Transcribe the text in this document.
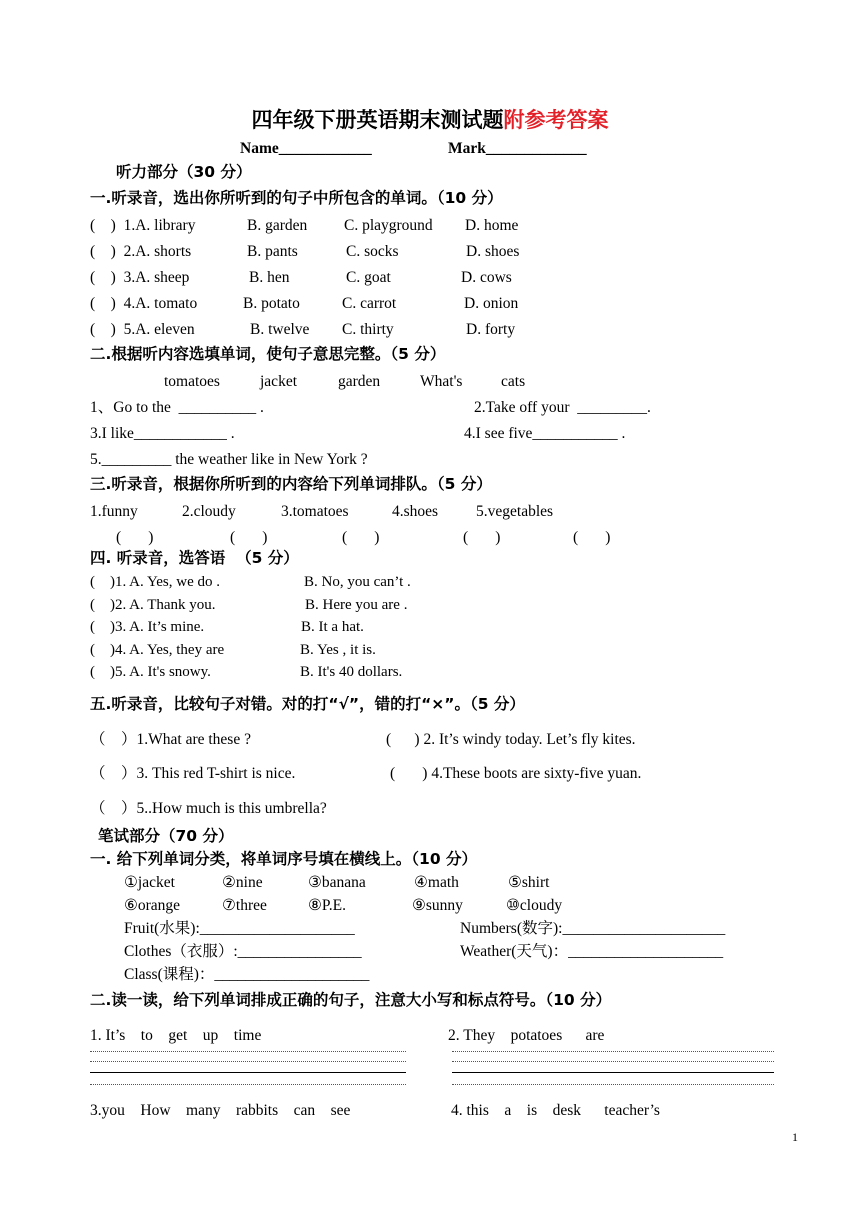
四年级下册英语期末测试题附参考答案
Name____________	Mark_____________
听力部分（30 分）
一.听录音，选出你所听到的句子中所包含的单词。（10 分）
(    )  1.A. library	B. garden C. playground D. home
(    )  2.A. shorts	B. pants	C. socks	D. shoes
(    )  3.A. sheep	B. hen	C. goat	D. cows
(    )  4.A. tomato	B. potato	C. carrot	D. onion
(    )  5.A. eleven	B. twelve C. thirty	D. forty
二.根据听内容选填单词，使句子意思完整。（5 分）
tomatoes	jacket	garden	What's cats
1、Go to the  __________ .	2.Take off your  _________.
3.I like____________ .	4.I see five___________ .
5._________ the weather like in New York ?
三.听录音，根据你所听到的内容给下列单词排队。（5 分）
1.funny	2.cloudy	3.tomatoes	4.shoes 5.vegetables
(       )	(       )	(       )	(       )	(       )
四. 听录音，选答语  （5 分）
(    )1. A. Yes, we do .	B. No, you can’t .
(    )2. A. Thank you.	B. Here you are .
(    )3. A. It’s mine.	B. It a hat.
(    )4. A. Yes, they are	B. Yes , it is.
(    )5. A. It's snowy.	B. It's 40 dollars.
五.听录音，比较句子对错。对的打“√”，错的打“×”。（5 分）
（    ）1.What are these ?	(      ) 2. It’s windy today. Let’s fly kites.
（    ）3. This red T-shirt is nice.	(       ) 4.These boots are sixty-five yuan.
（    ）5..How much is this umbrella?
笔试部分（70 分）
一. 给下列单词分类，将单词序号填在横线上。（10 分）
①jacket	②nine	③banana	④math	⑤shirt
⑥orange	⑦three	⑧P.E.	⑨sunny	⑩cloudy
Fruit(水果):____________________	Numbers(数字):_____________________
Clothes（衣服）:________________	Weather(天气)：____________________
Class(课程)：____________________
二.读一读，给下列单词排成正确的句子，注意大小写和标点符号。（10 分）
1. It’s    to    get    up    time	2. They    potatoes      are
3.you    How    many    rabbits    can    see	4. this    a    is    desk      teacher’s
1
